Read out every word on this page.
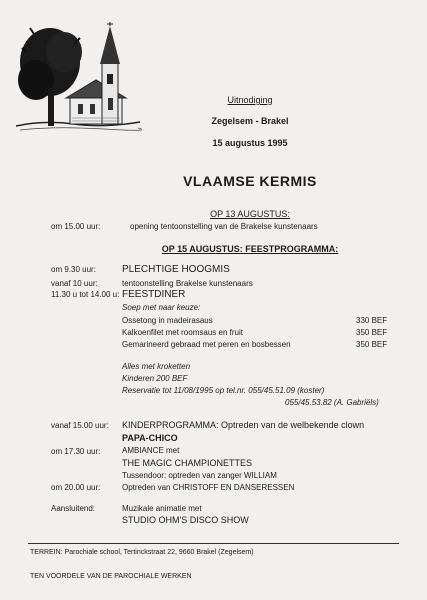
Uitnodiging
Zegelsem - Brakel
15 augustus 1995
VLAAMSE KERMIS
OP 13 AUGUSTUS:
om 15.00 uur:	opening tentoonstelling van de Brakelse kunstenaars
OP 15 AUGUSTUS: FEESTPROGRAMMA:
om 9.30 uur:	PLECHTIGE HOOGMIS
vanaf 10 uur:	tentoonstelling Brakelse kunstenaars
11.30 u tot 14.00 u: FEESTDINER
Soep met naar keuze:
Ossetong in madeirasaus	330 BEF
Kalkoenfilet met roomsaus en fruit	350 BEF
Gemarineerd gebraad met peren en bosbessen	350 BEF
Alles met kroketten
Kinderen 200 BEF
Reservatie tot 11/08/1995 op tel.nr. 055/45.51.09 (koster)
055/45.53.82 (A. Gabriëls)
vanaf 15.00 uur: KINDERPROGRAMMA: Optreden van de welbekende clown
PAPA-CHICO
om 17.30 uur:	AMBIANCE met
THE MAGIC CHAMPIONETTES
Tussendoor: optreden van zanger WILLIAM
om 20.00 uur:	Optreden van CHRISTOFF EN DANSERESSEN
Aansluitend:	Muzikale animatie met
STUDIO OHM'S DISCO SHOW
TERREIN: Parochiale school, Tertinckstraat 22, 9660 Brakel (Zegelsem)
TEN VOORDELE VAN DE PAROCHIALE WERKEN
